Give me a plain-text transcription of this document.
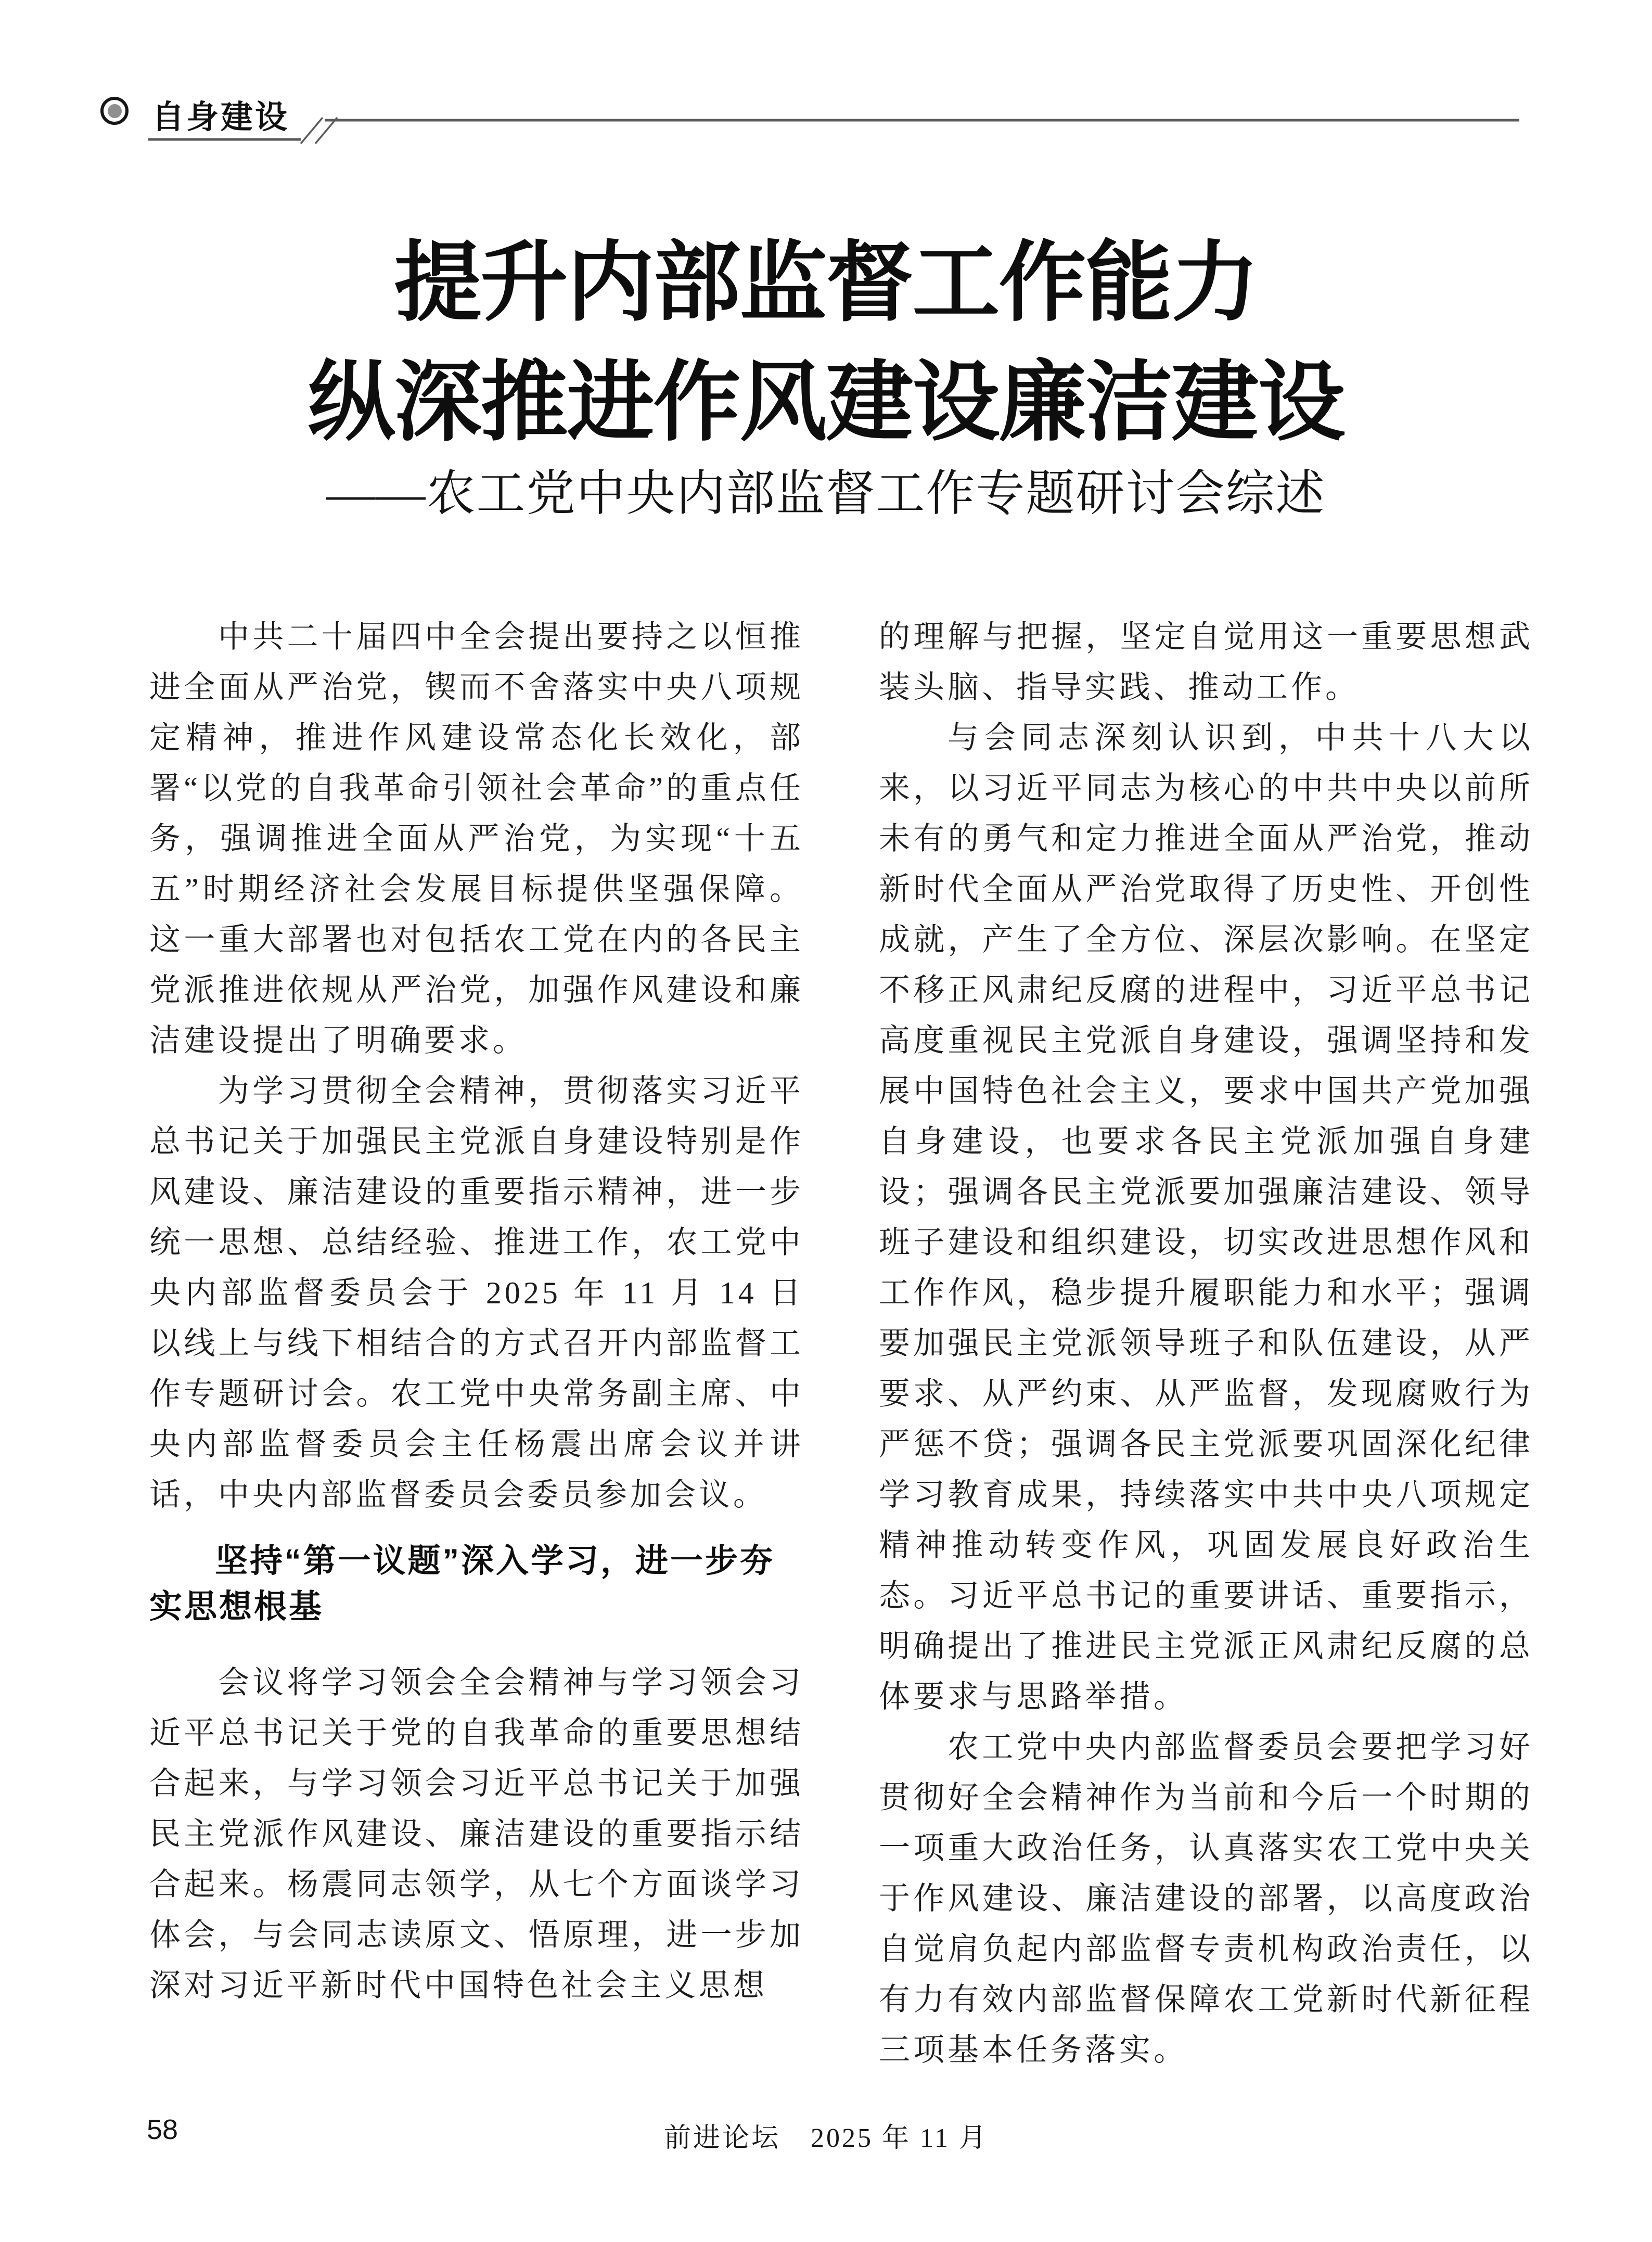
自身建设
提升内部监督工作能力
纵深推进作风建设廉洁建设
——农工党中央内部监督工作专题研讨会综述

中共二十届四中全会提出要持之以恒推进全面从严治党，锲而不舍落实中央八项规定精神，推进作风建设常态化长效化，部署“以党的自我革命引领社会革命”的重点任务，强调推进全面从严治党，为实现“十五五”时期经济社会发展目标提供坚强保障。这一重大部署也对包括农工党在内的各民主党派推进依规从严治党，加强作风建设和廉洁建设提出了明确要求。

为学习贯彻全会精神，贯彻落实习近平总书记关于加强民主党派自身建设特别是作风建设、廉洁建设的重要指示精神，进一步统一思想、总结经验、推进工作，农工党中央内部监督委员会于 2025 年 11 月 14 日以线上与线下相结合的方式召开内部监督工作专题研讨会。农工党中央常务副主席、中央内部监督委员会主任杨震出席会议并讲话，中央内部监督委员会委员参加会议。

坚持“第一议题”深入学习，进一步夯实思想根基

会议将学习领会全会精神与学习领会习近平总书记关于党的自我革命的重要思想结合起来，与学习领会习近平总书记关于加强民主党派作风建设、廉洁建设的重要指示结合起来。杨震同志领学，从七个方面谈学习体会，与会同志读原文、悟原理，进一步加深对习近平新时代中国特色社会主义思想

的理解与把握，坚定自觉用这一重要思想武装头脑、指导实践、推动工作。

与会同志深刻认识到，中共十八大以来，以习近平同志为核心的中共中央以前所未有的勇气和定力推进全面从严治党，推动新时代全面从严治党取得了历史性、开创性成就，产生了全方位、深层次影响。在坚定不移正风肃纪反腐的进程中，习近平总书记高度重视民主党派自身建设，强调坚持和发展中国特色社会主义，要求中国共产党加强自身建设，也要求各民主党派加强自身建设；强调各民主党派要加强廉洁建设、领导班子建设和组织建设，切实改进思想作风和工作作风，稳步提升履职能力和水平；强调要加强民主党派领导班子和队伍建设，从严要求、从严约束、从严监督，发现腐败行为严惩不贷；强调各民主党派要巩固深化纪律学习教育成果，持续落实中共中央八项规定精神推动转变作风，巩固发展良好政治生态。习近平总书记的重要讲话、重要指示，明确提出了推进民主党派正风肃纪反腐的总体要求与思路举措。

农工党中央内部监督委员会要把学习好贯彻好全会精神作为当前和今后一个时期的一项重大政治任务，认真落实农工党中央关于作风建设、廉洁建设的部署，以高度政治自觉肩负起内部监督专责机构政治责任，以有力有效内部监督保障农工党新时代新征程三项基本任务落实。

58	前进论坛 2025 年 11 月
